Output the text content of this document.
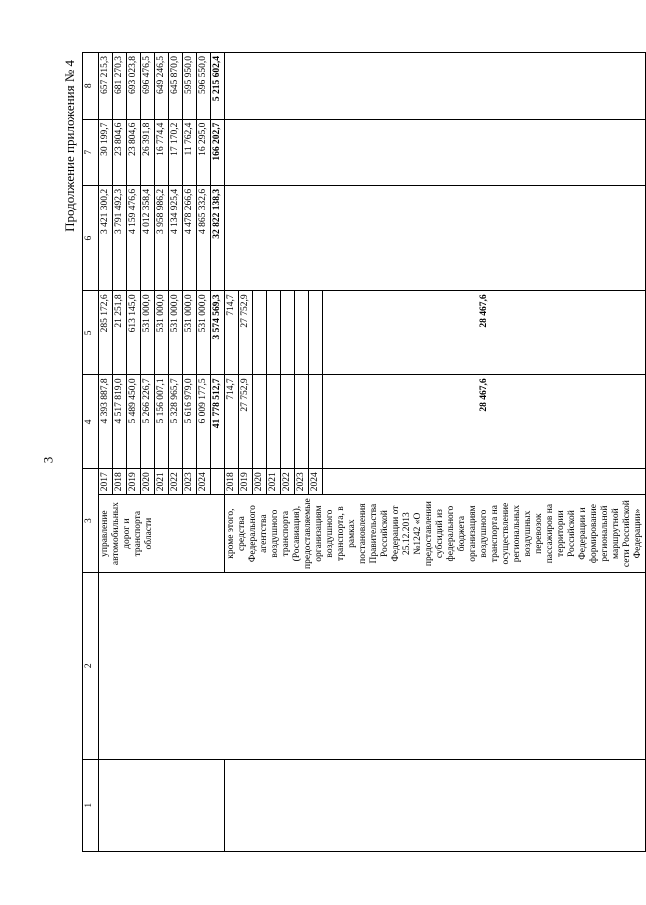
3
Продолжение приложения № 4
1	2	3		4	5	6	7	8
		управление автомобильных дорог и транспорта области	2017	4 393 887,8	285 172,6	3 421 300,2	30 199,7	657 215,3
			2018	4 517 819,0	21 251,8	3 791 492,3	23 804,6	681 270,3
			2019	5 489 450,0	613 145,0	4 159 476,6	23 804,6	693 023,8
			2020	5 266 226,7	531 000,0	4 012 358,4	26 391,8	696 476,5
			2021	5 156 007,1	531 000,0	3 958 986,2	16 774,4	649 246,5
			2022	5 328 965,7	531 000,0	4 134 925,4	17 170,2	645 870,0
			2023	5 616 979,0	531 000,0	4 478 266,6	11 762,4	595 950,0
			2024	6 009 177,5	531 000,0	4 865 332,6	16 295,0	596 550,0
				41 778 512,7	3 574 569,3	32 822 138,3	166 202,7	5 215 602,4
		кроме этого, средства Федерального агентства воздушного транспорта (Росавиация), предоставляемые организациям воздушного транспорта, в рамках постановления Правительства Российской Федерации от 25.12.2013 №1242 «О предоставлении субсидий из федерального бюджета организациям воздушного транспорта на осуществление региональных воздушных перевозок пассажиров на территории Российской Федерации и формирование региональной маршрутной сети Российской Федерации»	2018	714,7	714,7			
			2019	27 752,9	27 752,9			
			2020					
			2021					
			2022					
			2023					
			2024					
				28 467,6	28 467,6			
